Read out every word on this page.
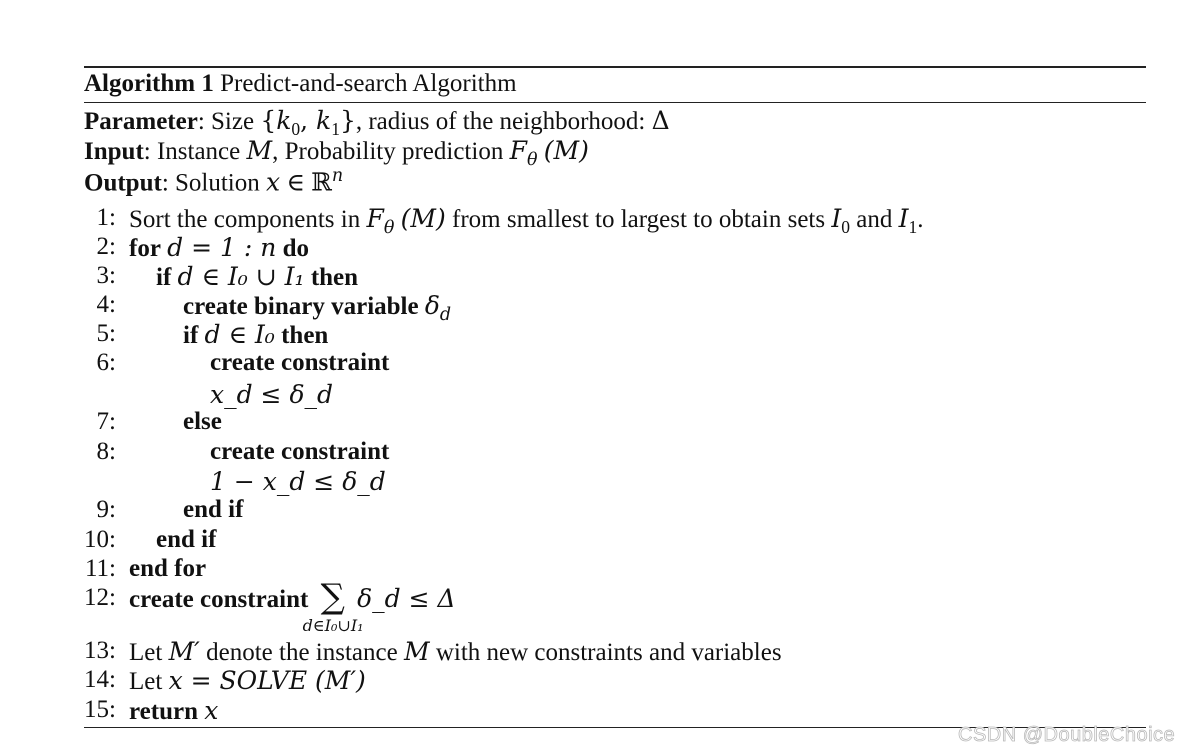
Algorithm 1 Predict-and-search Algorithm
Parameter: Size {$k_0$, $k_1$}, radius of the neighborhood: Δ
Input: Instance M, Probability prediction $F_\theta$ (M)
Output: Solution x ∈ ℝ$^n$
1: Sort the components in $F_\theta$ (M) from smallest to largest to obtain sets $I_0$ and $I_1$.
2: for d = 1 : n do
3: if d ∈ I₀ ∪ I₁ then
4:	create binary variable $\delta_d$
5:	if d ∈ I₀ then
6:	create constraint
x_d ≤ δ_d
7:	else
8:	create constraint
1 − x_d ≤ δ_d
9:	end if
10: end if
11: end for
12: create constraint ∑
d∈I₀∪I₁
δ_d ≤ Δ
13: Let M′ denote the instance M with new constraints and variables
14: Let x = SOLVE (M′)
15: return x
CSDN @DoubleChoice
